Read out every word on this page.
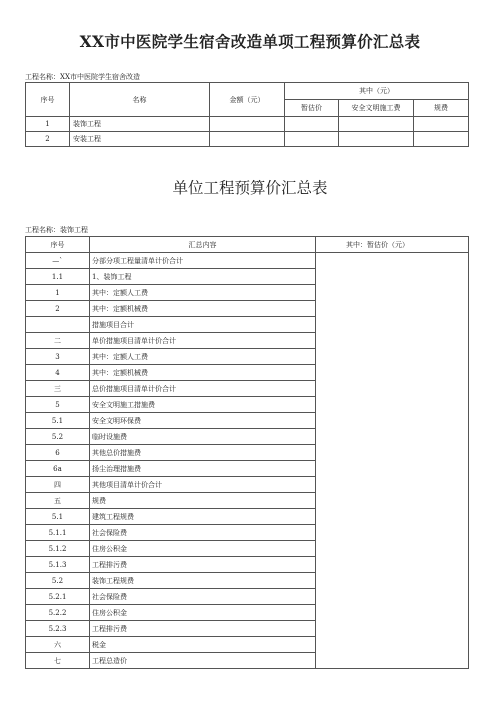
XX市中医院学生宿舍改造单项工程预算价汇总表
工程名称：XX市中医院学生宿舍改造
序号	名称	金额（元）	其中（元）		
			暂估价	安全文明施工费	规费
1	装饰工程				
2	安装工程				
单位工程预算价汇总表
工程名称：装饰工程
序号	汇总内容	其中：暂估价（元）
—`	分部分项工程量清单计价合计	
1.1	1、装饰工程	
1	其中：定额人工费	
2	其中：定额机械费	
	措施项目合计	
二	单价措施项目清单计价合计	
3	其中：定额人工费	
4	其中：定额机械费	
三	总价措施项目清单计价合计	
5	安全文明施工措施费	
5.1	安全文明环保费	
5.2	临时设施费	
6	其他总价措施费	
6a	扬尘治理措施费	
四	其他项目清单计价合计	
五	规费	
5.1	建筑工程规费	
5.1.1	社会保险费	
5.1.2	住房公积金	
5.1.3	工程排污费	
5.2	装饰工程规费	
5.2.1	社会保险费	
5.2.2	住房公积金	
5.2.3	工程排污费	
六	税金	
七	工程总造价	
